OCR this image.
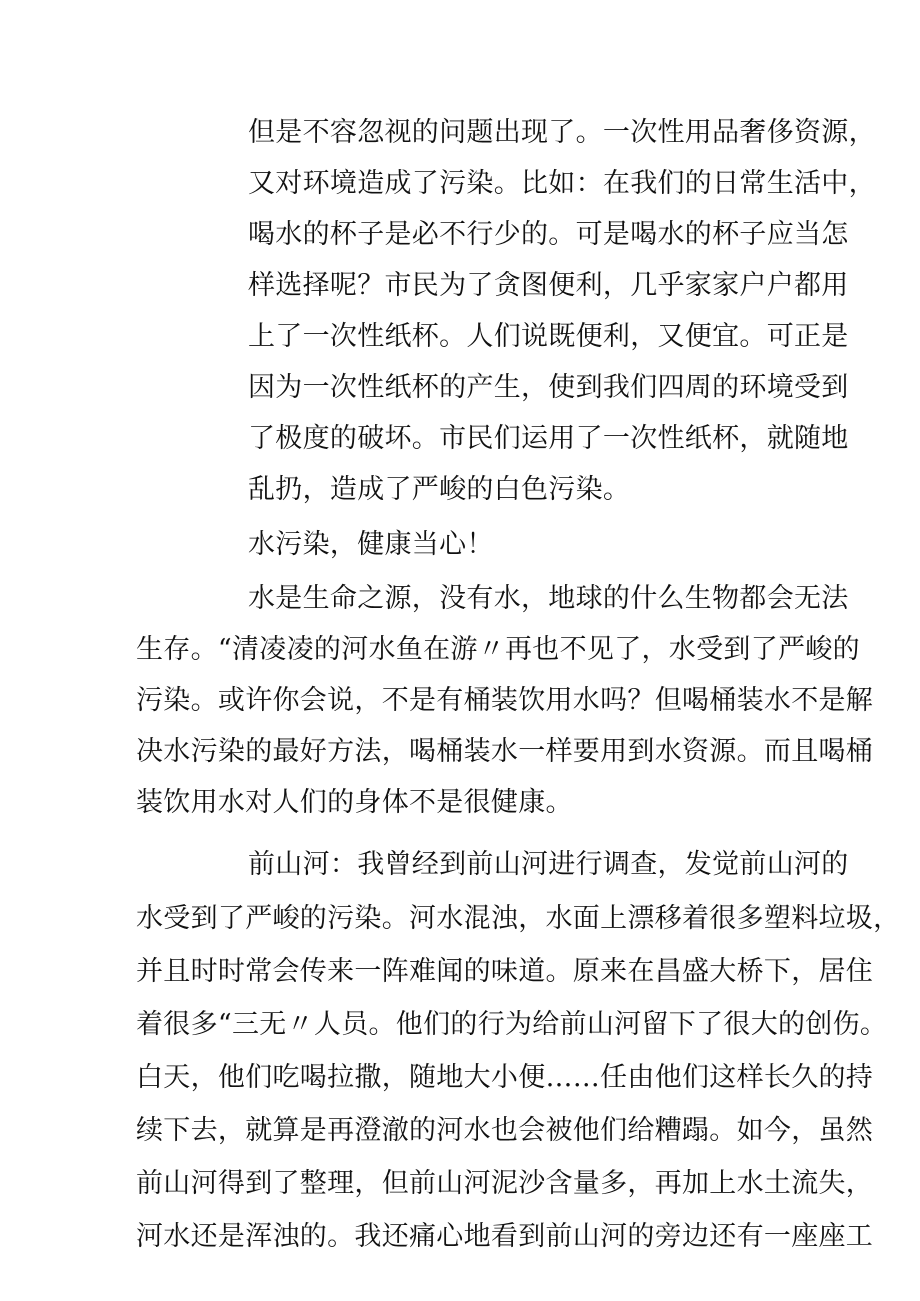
但是不容忽视的问题出现了。一次性用品奢侈资源，
又对环境造成了污染。比如：在我们的日常生活中，
喝水的杯子是必不行少的。可是喝水的杯子应当怎
样选择呢？市民为了贪图便利，几乎家家户户都用
上了一次性纸杯。人们说既便利，又便宜。可正是
因为一次性纸杯的产生，使到我们四周的环境受到
了极度的破坏。市民们运用了一次性纸杯，就随地
乱扔，造成了严峻的白色污染。
水污染，健康当心！
水是生命之源，没有水，地球的什么生物都会无法
生存。“清凌凌的河水鱼在游〃再也不见了，水受到了严峻的
污染。或许你会说，不是有桶装饮用水吗？但喝桶装水不是解
决水污染的最好方法，喝桶装水一样要用到水资源。而且喝桶
装饮用水对人们的身体不是很健康。
前山河：我曾经到前山河进行调查，发觉前山河的
水受到了严峻的污染。河水混浊，水面上漂移着很多塑料垃圾，
并且时时常会传来一阵难闻的味道。原来在昌盛大桥下，居住
着很多“三无〃人员。他们的行为给前山河留下了很大的创伤。
白天，他们吃喝拉撒，随地大小便……任由他们这样长久的持
续下去，就算是再澄澈的河水也会被他们给糟蹋。如今，虽然
前山河得到了整理，但前山河泥沙含量多，再加上水土流失，
河水还是浑浊的。我还痛心地看到前山河的旁边还有一座座工
